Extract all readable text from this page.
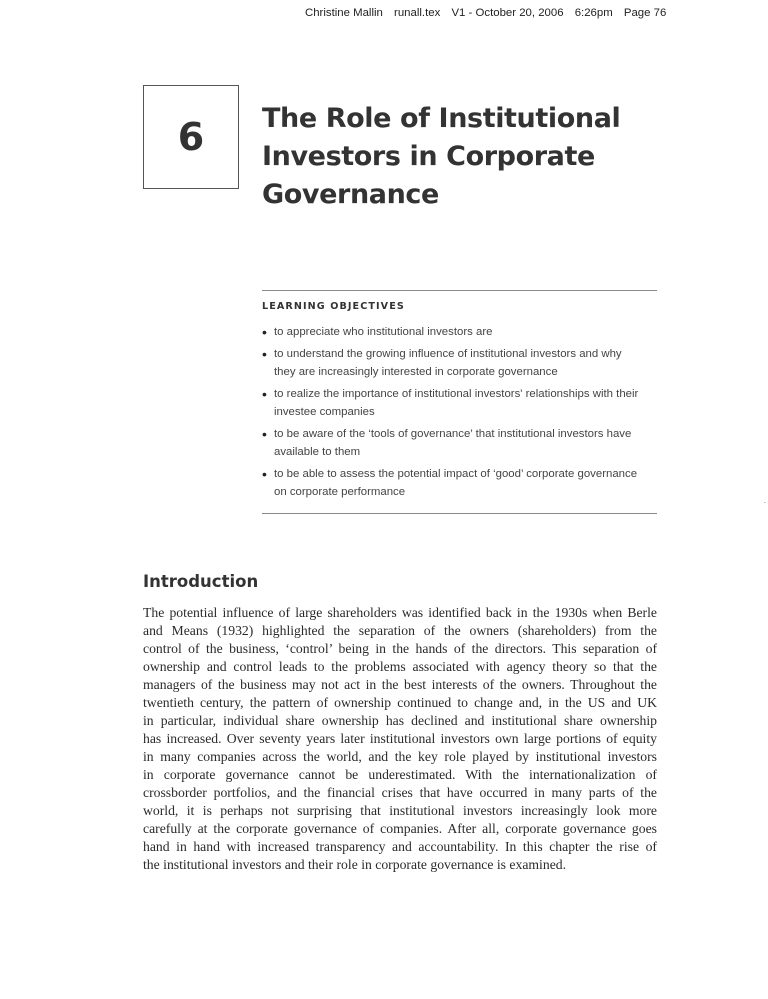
Christine Mallin runall.tex V1 - October 20, 2006 6:26pm Page 76
6 The Role of Institutional
Investors in Corporate
Governance
LEARNING OBJECTIVES
• to appreciate who institutional investors are
• to understand the growing influence of institutional investors and why
they are increasingly interested in corporate governance
• to realize the importance of institutional investors' relationships with their
investee companies
• to be aware of the ‘tools of governance’ that institutional investors have
available to them
• to be able to assess the potential impact of ‘good’ corporate governance
on corporate performance
.
Introduction

The potential influence of large shareholders was identified back in the 1930s when Berle
and Means (1932) highlighted the separation of the owners (shareholders) from the
control of the business, ‘control’ being in the hands of the directors. This separation of
ownership and control leads to the problems associated with agency theory so that the
managers of the business may not act in the best interests of the owners. Throughout the
twentieth century, the pattern of ownership continued to change and, in the US and UK
in particular, individual share ownership has declined and institutional share ownership
has increased. Over seventy years later institutional investors own large portions of equity
in many companies across the world, and the key role played by institutional investors
in corporate governance cannot be underestimated. With the internationalization of
crossborder portfolios, and the financial crises that have occurred in many parts of the
world, it is perhaps not surprising that institutional investors increasingly look more
carefully at the corporate governance of companies. After all, corporate governance goes
hand in hand with increased transparency and accountability. In this chapter the rise of
the institutional investors and their role in corporate governance is examined.
